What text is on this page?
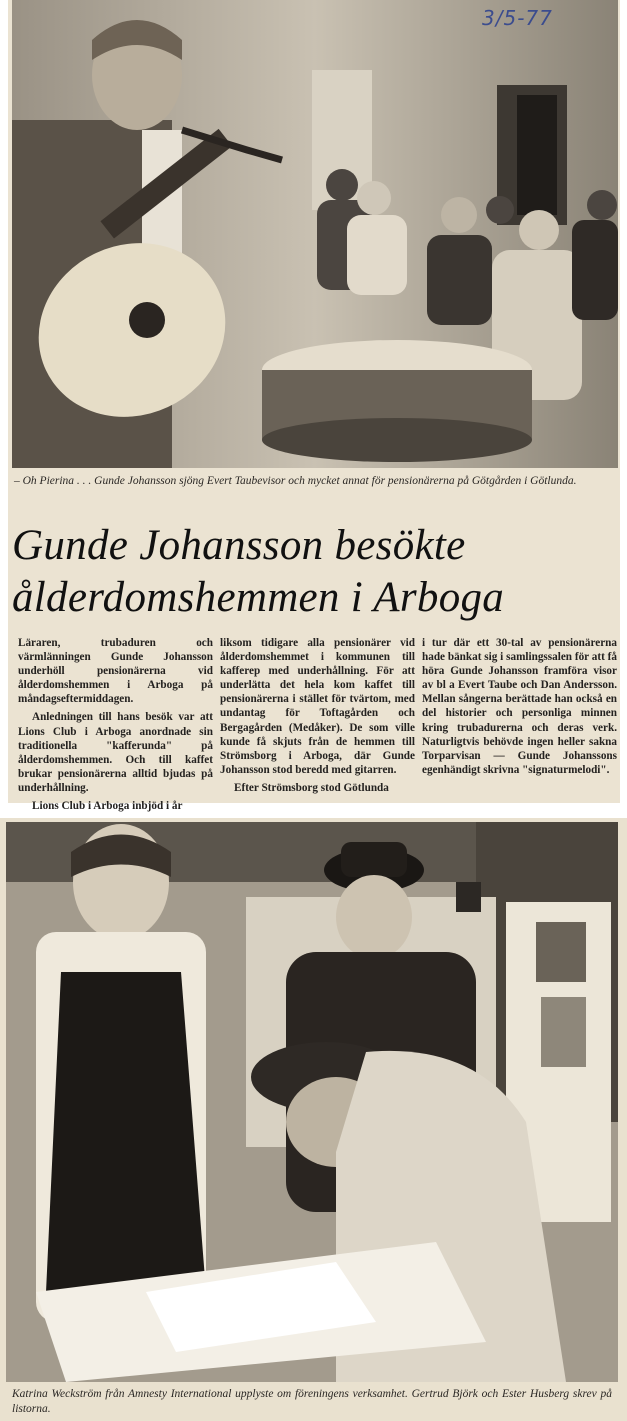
3/5-77
– Oh Pierina . . . Gunde Johansson sjöng Evert Taubevisor och mycket annat för pensionärerna på Götgården i Götlunda.
Gunde Johansson besökte
ålderdomshemmen i Arboga

Läraren, trubaduren och värmlänningen Gunde Johansson underhöll pensionärerna vid ålderdomshemmen i Arboga på måndagseftermiddagen.

Anledningen till hans besök var att Lions Club i Arboga anordnade sin traditionella "kafferunda" på ålderdomshemmen. Och till kaffet brukar pensionärerna alltid bjudas på underhållning.

Lions Club i Arboga inbjöd i år

liksom tidigare alla pensionärer vid ålderdomshemmet i kommunen till kafferep med underhållning. För att underlätta det hela kom kaffet till pensionärerna i stället för tvärtom, med undantag för Toftagården och Bergagården (Medåker). De som ville kunde få skjuts från de hemmen till Strömsborg i Arboga, där Gunde Johansson stod beredd med gitarren.

Efter Strömsborg stod Götlunda

i tur där ett 30-tal av pensionärerna hade bänkat sig i samlingssalen för att få höra Gunde Johansson framföra visor av bl a Evert Taube och Dan Andersson. Mellan sångerna berättade han också en del historier och personliga minnen kring trubadurerna och deras verk. Naturligtvis behövde ingen heller sakna Torparvisan — Gunde Johanssons egenhändigt skrivna "signaturmelodi".

Katrina Weckström från Amnesty International upplyste om föreningens verksamhet. Gertrud Björk och Ester Husberg skrev på listorna.
